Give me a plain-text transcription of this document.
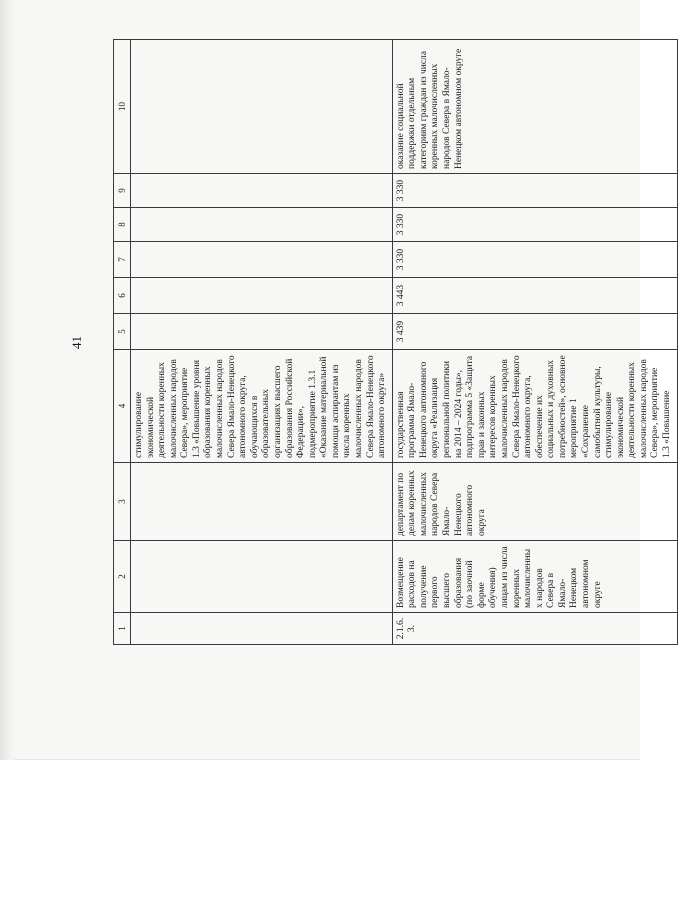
41
1	2	3	4	5	6	7	8	9	10
			стимулирование экономической деятельности коренных малочисленных народов Севера», мероприятие 1.3 «Повышение уровня образования коренных малочисленных народов Севера Ямало-Ненецкого автономного округа, обучающихся в образовательных организациях высшего образования Российской Федерации», подмероприятие 1.3.1 «Оказание материальной помощи аспирантам из числа коренных малочисленных народов Севера Ямало-Ненецкого автономного округа»						
2.1.6.3.	Возмещение расходов на получение первого высшего образования (по заочной форме обучения) лицам из числа коренных малочисленных народов Севера в Ямало-Ненецком автономном округе	департамент по делам коренных малочисленных народов Севера Ямало-Ненецкого автономного округа	государственная программа Ямало-Ненецкого автономного округа «Реализация региональной политики на 2014 – 2024 годы», подпрограмма 5 «Защита прав и законных интересов коренных малочисленных народов Севера Ямало-Ненецкого автономного округа, обеспечение их социальных и духовных потребностей», основное мероприятие 1 «Сохранение самобытной культуры, стимулирование экономической деятельности коренных малочисленных народов Севера», мероприятие 1.3 «Повышение	3 439	3 443	3 330	3 330	3 330	оказание социальной поддержки отдельным категориям граждан из числа коренных малочисленных народов Севера в Ямало-Ненецком автономном округе
